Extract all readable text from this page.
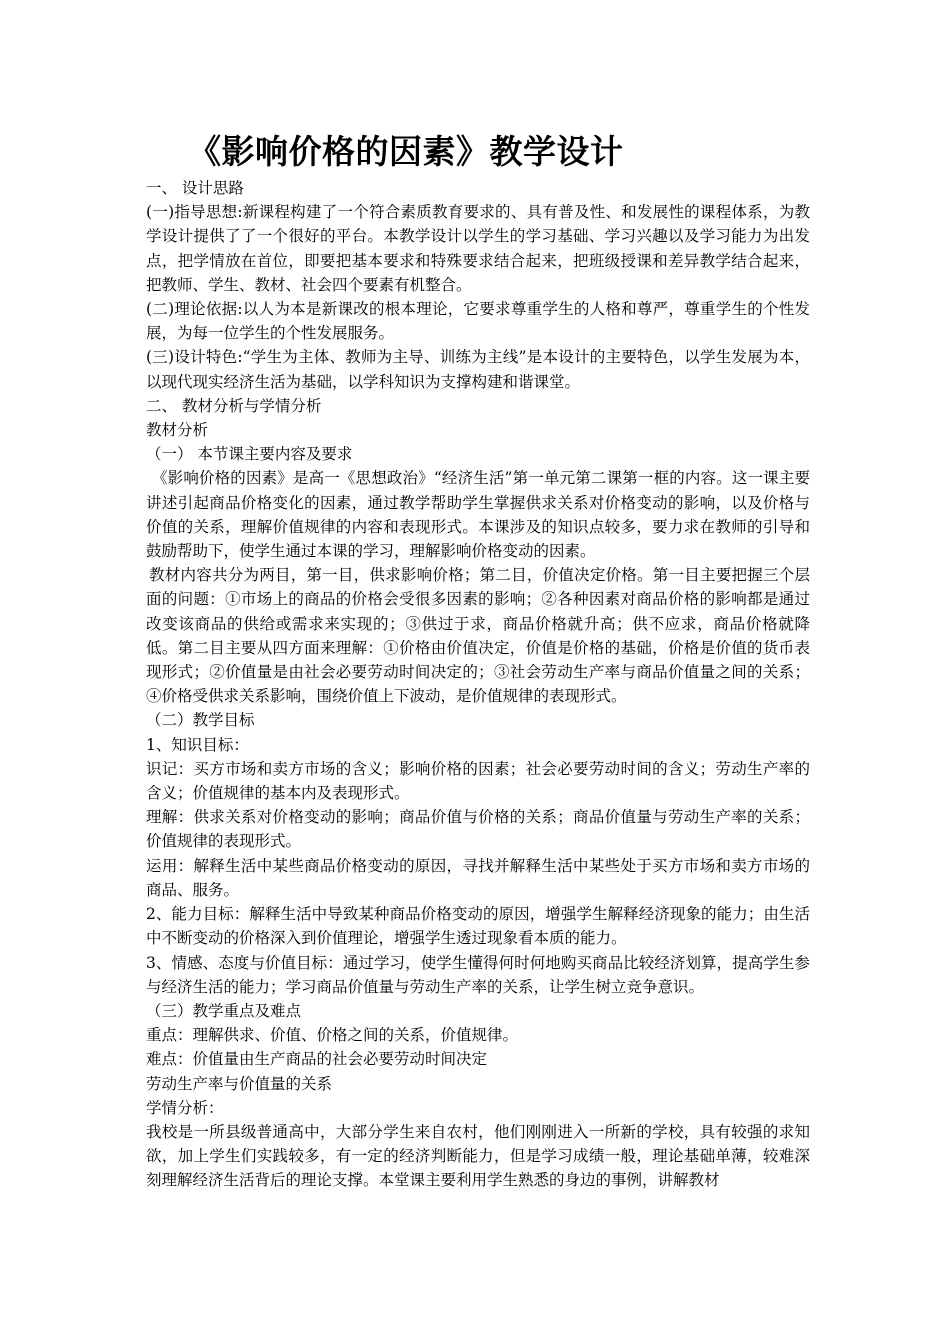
《影响价格的因素》教学设计

一、 设计思路

(一)指导思想:新课程构建了一个符合素质教育要求的、具有普及性、和发展性的课程体系，为教学设计提供了了一个很好的平台。本教学设计以学生的学习基础、学习兴趣以及学习能力为出发点，把学情放在首位，即要把基本要求和特殊要求结合起来，把班级授课和差异教学结合起来，把教师、学生、教材、社会四个要素有机整合。

(二)理论依据:以人为本是新课改的根本理论，它要求尊重学生的人格和尊严，尊重学生的个性发展，为每一位学生的个性发展服务。

(三)设计特色:“学生为主体、教师为主导、训练为主线”是本设计的主要特色，以学生发展为本，以现代现实经济生活为基础，以学科知识为支撑构建和谐课堂。

二、 教材分析与学情分析

教材分析

（一） 本节课主要内容及要求

《影响价格的因素》是高一《思想政治》“经济生活”第一单元第二课第一框的内容。这一课主要讲述引起商品价格变化的因素，通过教学帮助学生掌握供求关系对价格变动的影响，以及价格与价值的关系，理解价值规律的内容和表现形式。本课涉及的知识点较多，要力求在教师的引导和鼓励帮助下，使学生通过本课的学习，理解影响价格变动的因素。

教材内容共分为两目，第一目，供求影响价格；第二目，价值决定价格。第一目主要把握三个层面的问题：①市场上的商品的价格会受很多因素的影响；②各种因素对商品价格的影响都是通过改变该商品的供给或需求来实现的；③供过于求，商品价格就升高；供不应求，商品价格就降低。第二目主要从四方面来理解：①价格由价值决定，价值是价格的基础，价格是价值的货币表现形式；②价值量是由社会必要劳动时间决定的；③社会劳动生产率与商品价值量之间的关系；④价格受供求关系影响，围绕价值上下波动，是价值规律的表现形式。

（二）教学目标

1、知识目标：

识记：买方市场和卖方市场的含义；影响价格的因素；社会必要劳动时间的含义；劳动生产率的含义；价值规律的基本内及表现形式。

理解：供求关系对价格变动的影响；商品价值与价格的关系；商品价值量与劳动生产率的关系；价值规律的表现形式。

运用：解释生活中某些商品价格变动的原因，寻找并解释生活中某些处于买方市场和卖方市场的商品、服务。

2、能力目标：解释生活中导致某种商品价格变动的原因，增强学生解释经济现象的能力；由生活中不断变动的价格深入到价值理论，增强学生透过现象看本质的能力。

3、情感、态度与价值目标：通过学习，使学生懂得何时何地购买商品比较经济划算，提高学生参与经济生活的能力；学习商品价值量与劳动生产率的关系，让学生树立竞争意识。

（三）教学重点及难点

重点：理解供求、价值、价格之间的关系，价值规律。

难点：价值量由生产商品的社会必要劳动时间决定

劳动生产率与价值量的关系

学情分析：

我校是一所县级普通高中，大部分学生来自农村，他们刚刚进入一所新的学校，具有较强的求知欲，加上学生们实践较多，有一定的经济判断能力，但是学习成绩一般，理论基础单薄，较难深刻理解经济生活背后的理论支撑。本堂课主要利用学生熟悉的身边的事例，讲解教材
